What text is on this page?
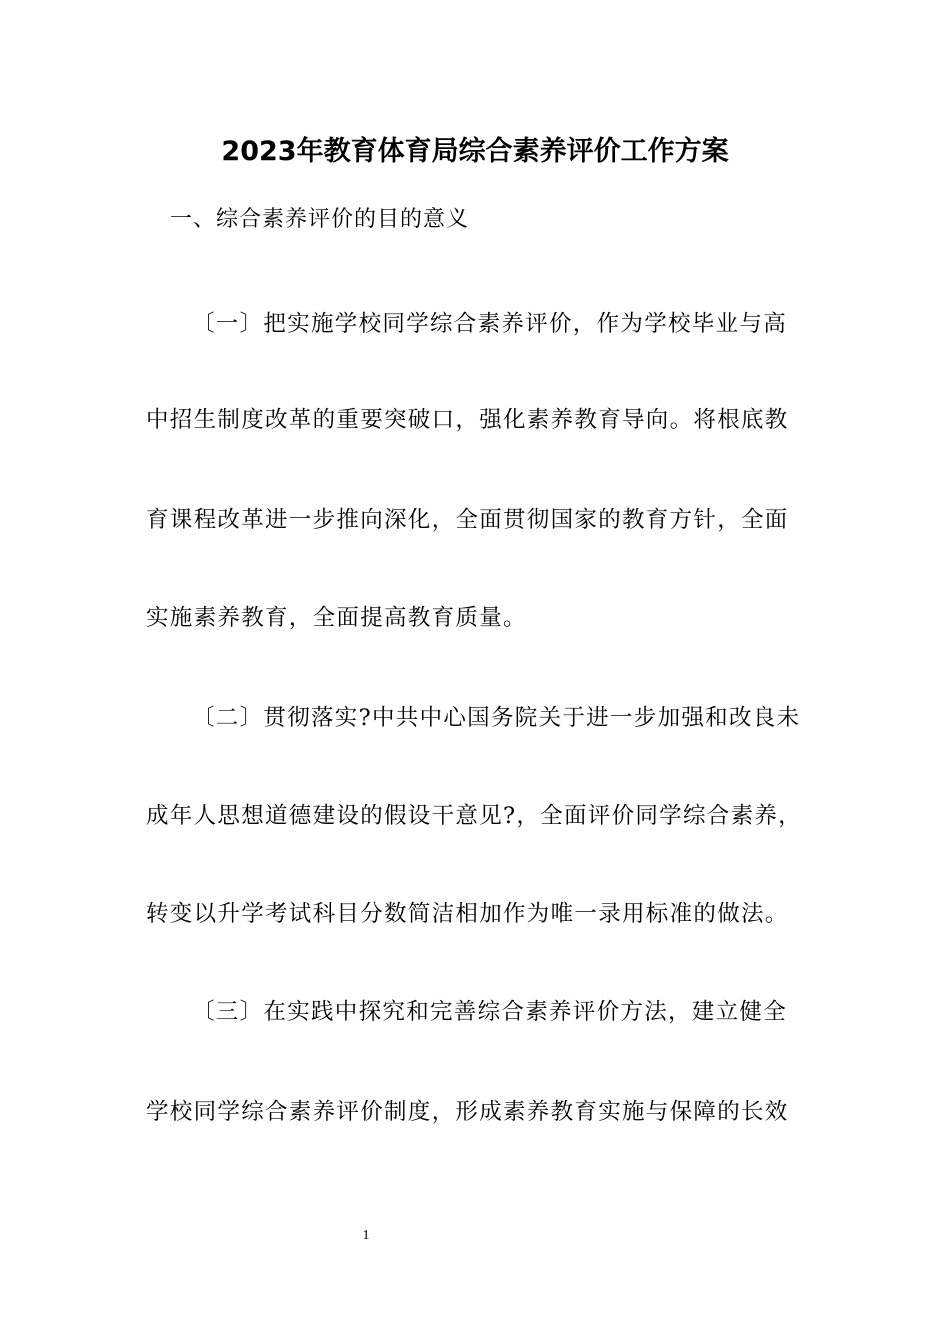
2023年教育体育局综合素养评价工作方案
一、综合素养评价的目的意义
〔一〕把实施学校同学综合素养评价，作为学校毕业与高
中招生制度改革的重要突破口，强化素养教育导向。将根底教
育课程改革进一步推向深化，全面贯彻国家的教育方针，全面
实施素养教育，全面提高教育质量。
〔二〕贯彻落实?中共中心国务院关于进一步加强和改良未
成年人思想道德建设的假设干意见?，全面评价同学综合素养，
转变以升学考试科目分数简洁相加作为唯一录用标准的做法。
〔三〕在实践中探究和完善综合素养评价方法，建立健全
学校同学综合素养评价制度，形成素养教育实施与保障的长效
1
